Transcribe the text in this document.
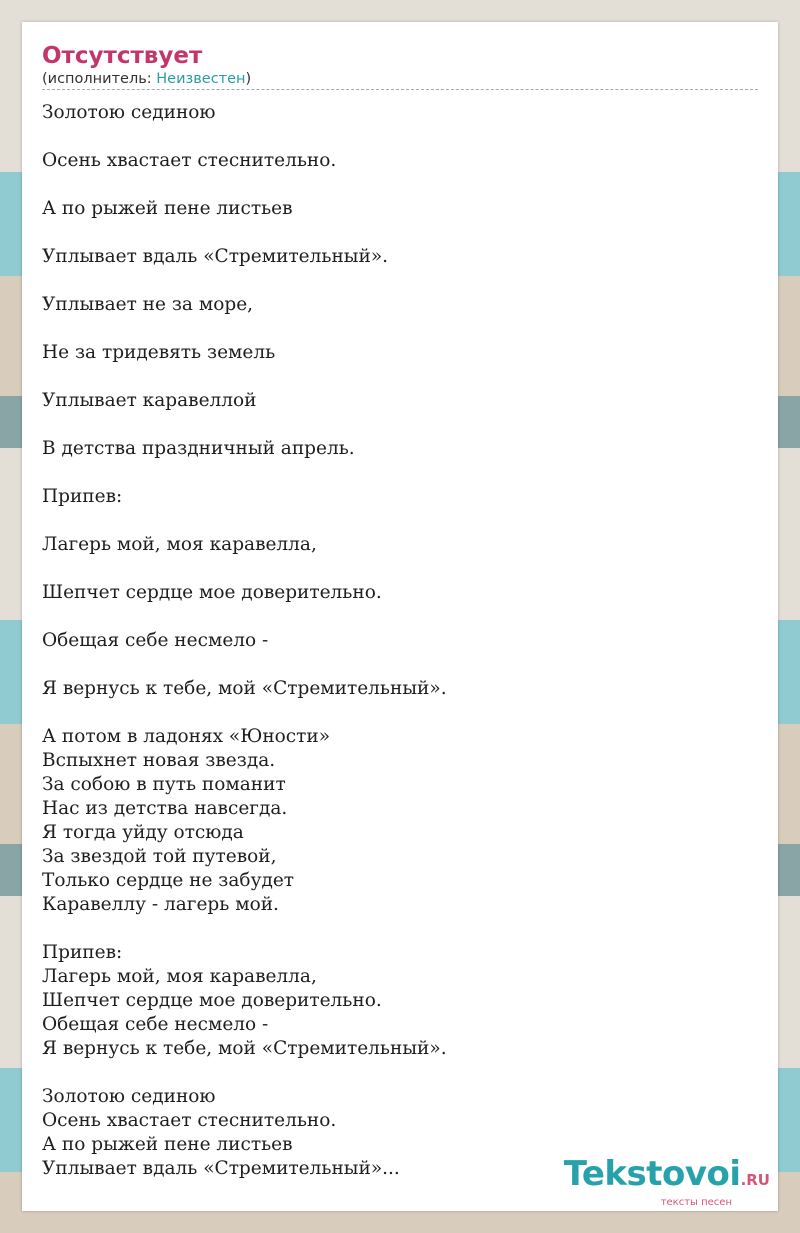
Отсутствует
(исполнитель: Неизвестен)
Золотою сединою
Осень хвастает стеснительно.
А по рыжей пене листьев
Уплывает вдаль «Стремительный».
Уплывает не за море,
Не за тридевять земель
Уплывает каравеллой
В детства праздничный апрель.
Припев:
Лагерь мой, моя каравелла,
Шепчет сердце мое доверительно.
Обещая себе несмело -
Я вернусь к тебе, мой «Стремительный».
А потом в ладонях «Юности»
Вспыхнет новая звезда.
За собою в путь поманит
Нас из детства навсегда.
Я тогда уйду отсюда
За звездой той путевой,
Только сердце не забудет
Каравеллу - лагерь мой.
Припев:
Лагерь мой, моя каравелла,
Шепчет сердце мое доверительно.
Обещая себе несмело -
Я вернусь к тебе, мой «Стремительный».
Золотою сединою
Осень хвастает стеснительно.
А по рыжей пене листьев
Уплывает вдаль «Стремительный»...	Tekstovoi.RU
тексты песен
